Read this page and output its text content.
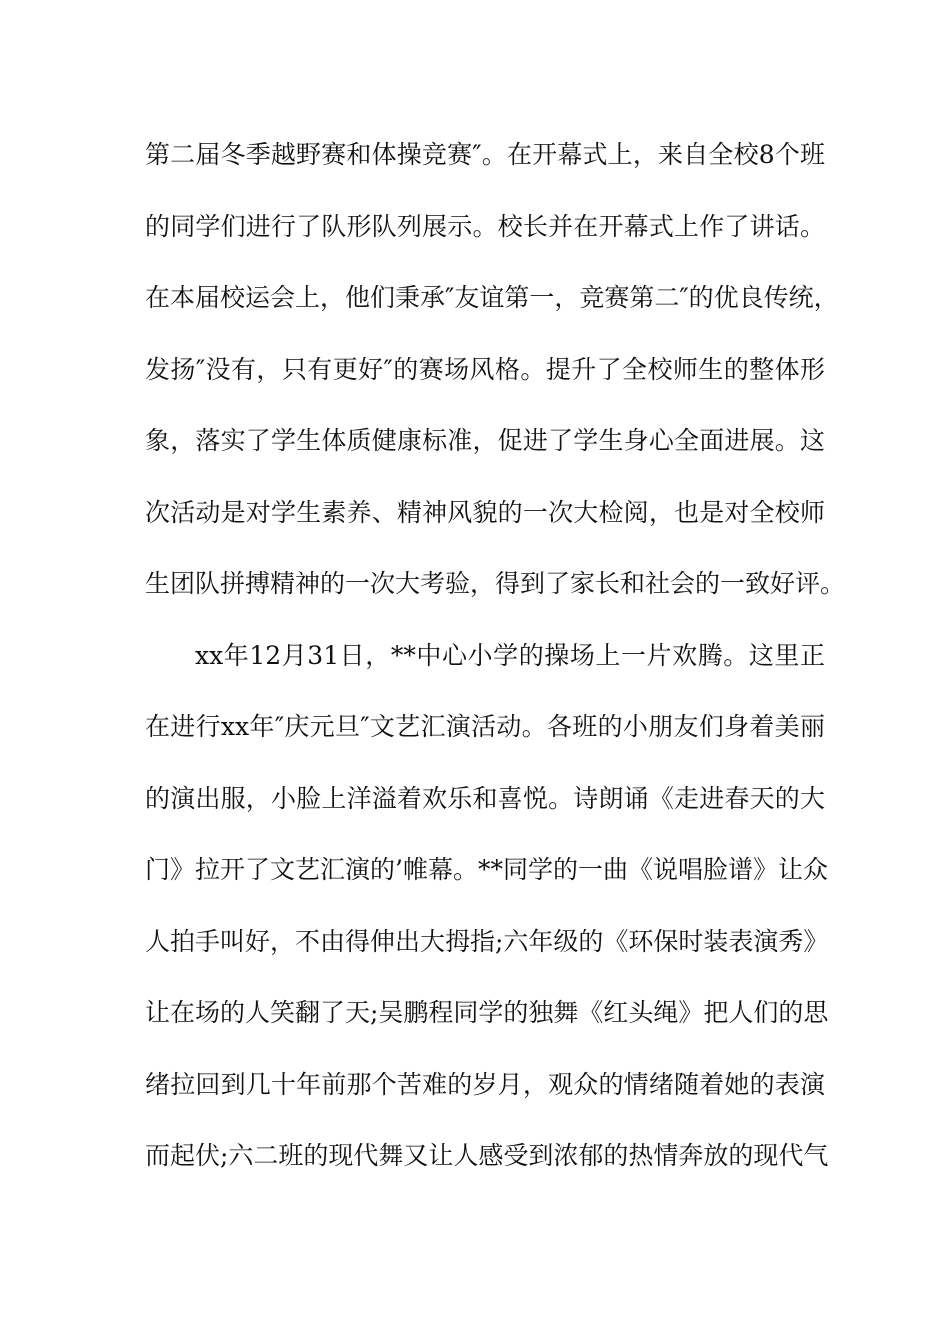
第二届冬季越野赛和体操竞赛″。在开幕式上，来自全校8个班
的同学们进行了队形队列展示。校长并在开幕式上作了讲话。
在本届校运会上，他们秉承″友谊第一，竞赛第二″的优良传统，
发扬″没有，只有更好″的赛场风格。提升了全校师生的整体形
象，落实了学生体质健康标准，促进了学生身心全面进展。这
次活动是对学生素养、精神风貌的一次大检阅，也是对全校师
生团队拼搏精神的一次大考验，得到了家长和社会的一致好评。
xx年12月31日，**中心小学的操场上一片欢腾。这里正
在进行xx年″庆元旦″文艺汇演活动。各班的小朋友们身着美丽
的演出服，小脸上洋溢着欢乐和喜悦。诗朗诵《走进春天的大
门》拉开了文艺汇演的’帷幕。**同学的一曲《说唱脸谱》让众
人拍手叫好，不由得伸出大拇指;六年级的《环保时装表演秀》
让在场的人笑翻了天;吴鹏程同学的独舞《红头绳》把人们的思
绪拉回到几十年前那个苦难的岁月，观众的情绪随着她的表演
而起伏;六二班的现代舞又让人感受到浓郁的热情奔放的现代气
